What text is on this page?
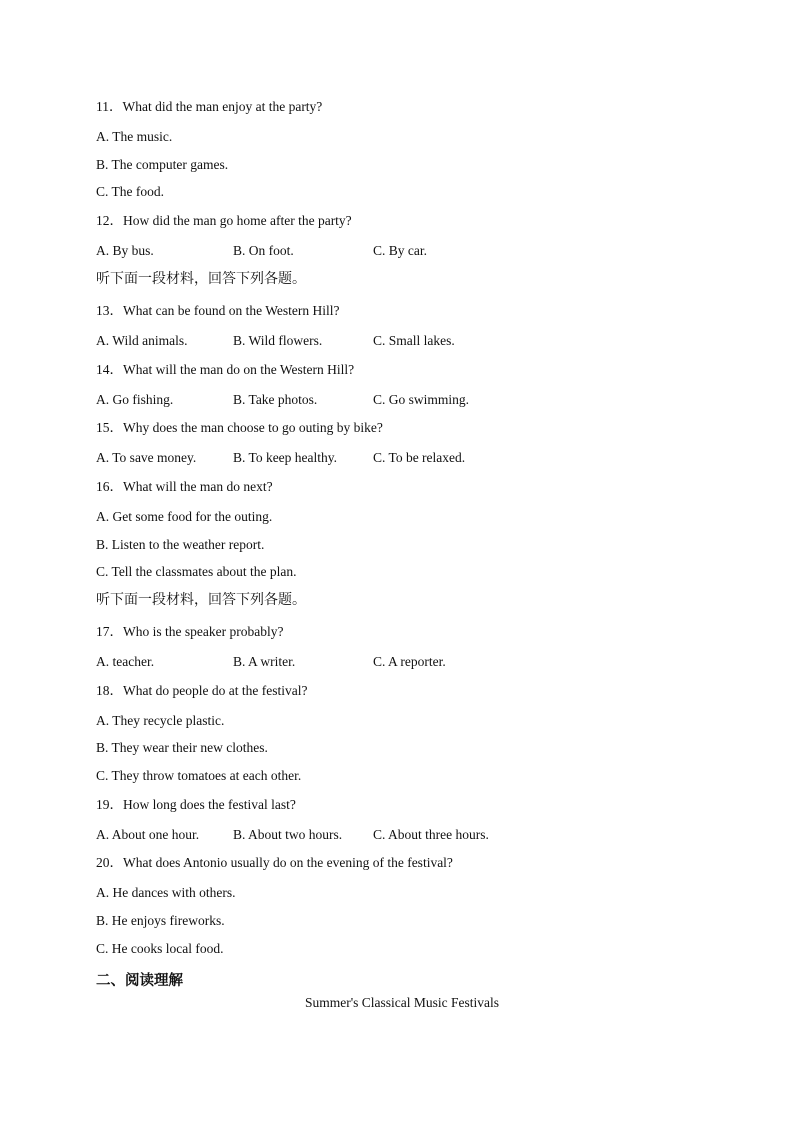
11．What did the man enjoy at the party?
A. The music.
B. The computer games.
C. The food.
12．How did the man go home after the party?
A. By bus.	B. On foot.	C. By car.
听下面一段材料，回答下列各题。
13．What can be found on the Western Hill?
A. Wild animals.	B. Wild flowers.	C. Small lakes.
14．What will the man do on the Western Hill?
A. Go fishing.	B. Take photos.	C. Go swimming.
15．Why does the man choose to go outing by bike?
A. To save money.	B. To keep healthy.	C. To be relaxed.
16．What will the man do next?
A. Get some food for the outing.
B. Listen to the weather report.
C. Tell the classmates about the plan.
听下面一段材料，回答下列各题。
17．Who is the speaker probably?
A. teacher.	B. A writer.	C. A reporter.
18．What do people do at the festival?
A. They recycle plastic.
B. They wear their new clothes.
C. They throw tomatoes at each other.
19．How long does the festival last?
A. About one hour.	B. About two hours. C. About three hours.
20．What does Antonio usually do on the evening of the festival?
A. He dances with others.
B. He enjoys fireworks.
C. He cooks local food.
二、阅读理解
Summer's Classical Music Festivals
